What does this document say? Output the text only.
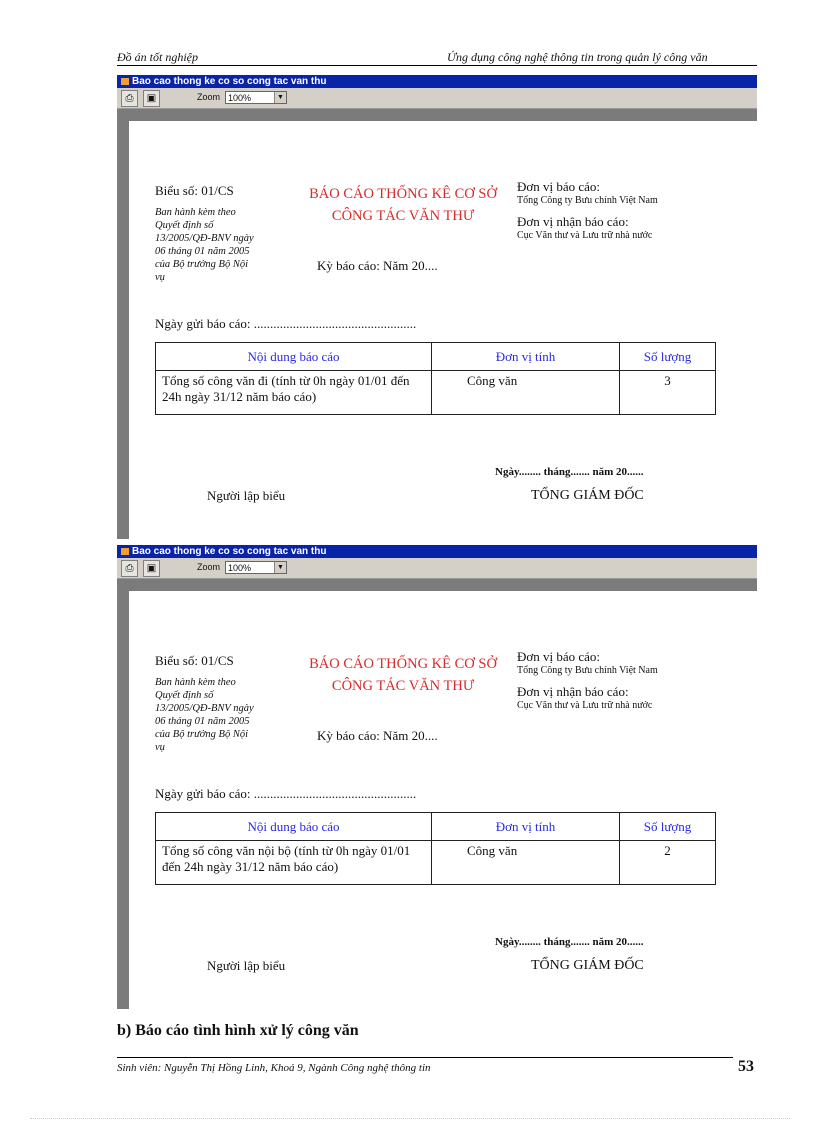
Đồ án tốt nghiệp	Ứng dụng công nghệ thông tin trong quản lý công văn
Bao cao thong ke co so cong tac van thu
⎙	▣	Zoom 100%	▼
Biểu số: 01/CS
Ban hành kèm theo Quyết định số 13/2005/QĐ-BNV ngày 06 tháng 01 năm 2005 của Bộ trưởng Bộ Nội vụ
BÁO CÁO THỐNG KÊ CƠ SỞ
CÔNG TÁC VĂN THƯ
Kỳ báo cáo: Năm 20....
Đơn vị báo cáo:
Tổng Công ty Bưu chính Việt Nam
Đơn vị nhận báo cáo:
Cục Văn thư và Lưu trữ nhà nước
Ngày gửi báo cáo: ..................................................
Nội dung báo cáo	Đơn vị tính	Số lượng
Tổng số công văn đi (tính từ 0h ngày 01/01 đến 24h ngày 31/12 năm báo cáo)	Công văn	3
Ngày........ tháng....... năm 20......
Người lập biểu	TỔNG GIÁM ĐỐC
Bao cao thong ke co so cong tac van thu
⎙	▣	Zoom 100%	▼
Biểu số: 01/CS
Ban hành kèm theo Quyết định số 13/2005/QĐ-BNV ngày 06 tháng 01 năm 2005 của Bộ trưởng Bộ Nội vụ
BÁO CÁO THỐNG KÊ CƠ SỞ
CÔNG TÁC VĂN THƯ
Kỳ báo cáo: Năm 20....
Đơn vị báo cáo:
Tổng Công ty Bưu chính Việt Nam
Đơn vị nhận báo cáo:
Cục Văn thư và Lưu trữ nhà nước
Ngày gửi báo cáo: ..................................................
Nội dung báo cáo	Đơn vị tính	Số lượng
Tổng số công văn nội bộ (tính từ 0h ngày 01/01 đến 24h ngày 31/12 năm báo cáo)	Công văn	2
Ngày........ tháng....... năm 20......
Người lập biểu	TỔNG GIÁM ĐỐC
b) Báo cáo tình hình xử lý công văn
Sinh viên: Nguyễn Thị Hồng Linh, Khoá 9, Ngành Công nghệ thông tin	53
